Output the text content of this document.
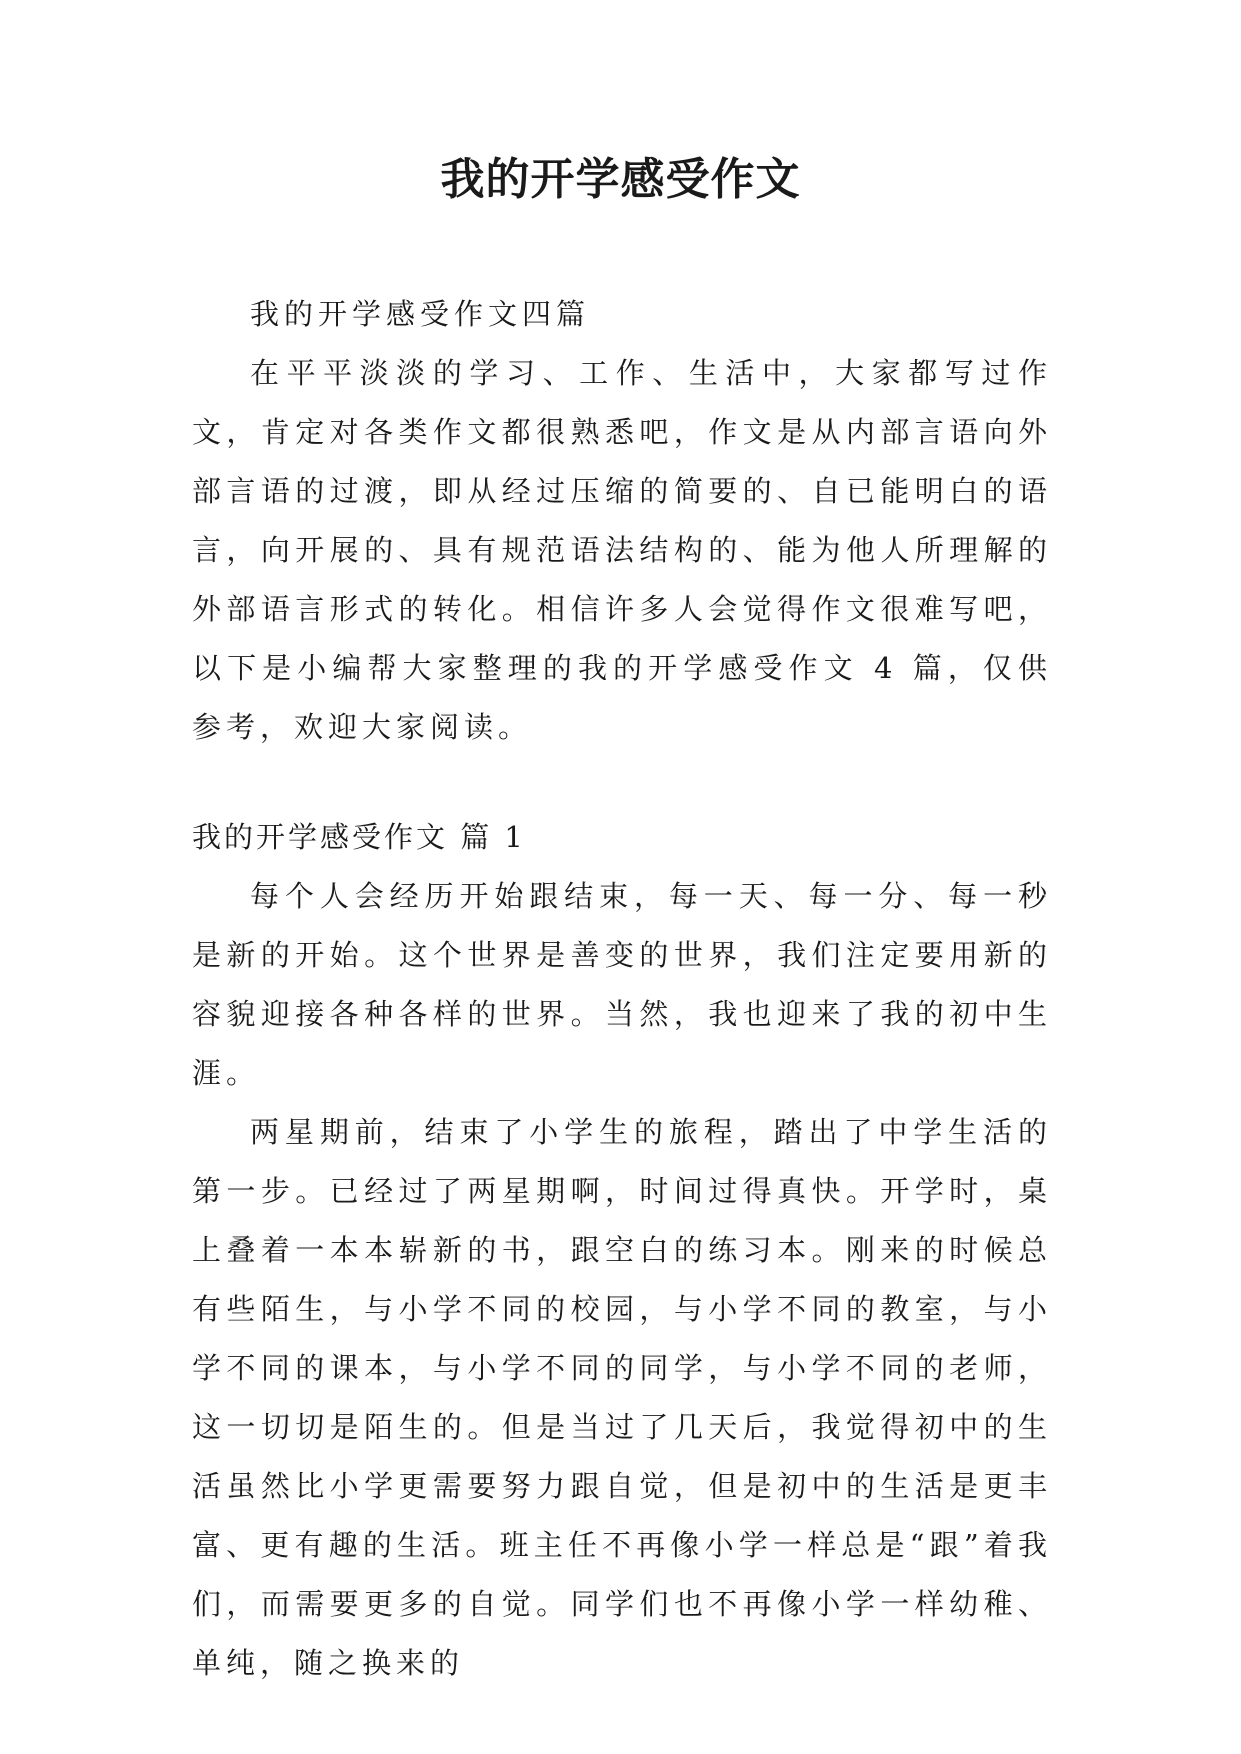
我的开学感受作文

我的开学感受作文四篇

在平平淡淡的学习、工作、生活中，大家都写过作文，肯定对各类作文都很熟悉吧，作文是从内部言语向外部言语的过渡，即从经过压缩的简要的、自已能明白的语言，向开展的、具有规范语法结构的、能为他人所理解的外部语言形式的转化。相信许多人会觉得作文很难写吧，以下是小编帮大家整理的我的开学感受作文 4 篇，仅供参考，欢迎大家阅读。

我的开学感受作文 篇 1

每个人会经历开始跟结束，每一天、每一分、每一秒是新的开始。这个世界是善变的世界，我们注定要用新的容貌迎接各种各样的世界。当然，我也迎来了我的初中生涯。

两星期前，结束了小学生的旅程，踏出了中学生活的第一步。已经过了两星期啊，时间过得真快。开学时，桌上叠着一本本崭新的书，跟空白的练习本。刚来的时候总有些陌生，与小学不同的校园，与小学不同的教室，与小学不同的课本，与小学不同的同学，与小学不同的老师，这一切切是陌生的。但是当过了几天后，我觉得初中的生活虽然比小学更需要努力跟自觉，但是初中的生活是更丰富、更有趣的生活。班主任不再像小学一样总是“跟”着我们，而需要更多的自觉。同学们也不再像小学一样幼稚、单纯，随之换来的
